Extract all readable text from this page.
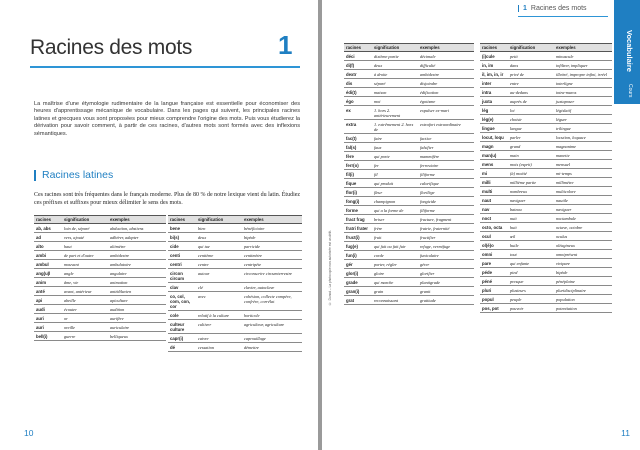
Racines des mots	1
La maîtrise d'une étymologie rudimentaire de la langue française est essentielle pour économiser des heures d'apprentissage mécanique de vocabulaire. Dans les pages qui suivent, les principales racines latines et grecques vous sont proposées pour mieux comprendre l'origine des mots. Puis vous étudierez la dérivation pour savoir comment, à partir de ces racines, d'autres mots sont formés avec des inflexions sémantiques.
Racines latines
Ces racines sont très fréquentes dans le français moderne. Plus de 80 % de notre lexique vient du latin. Étudiez ces préfixes et suffixes pour mieux délimiter le sens des mots.
racines	signification	exemples
ab, abs	loin de, séparé	abduction, abstiens
ad	vers, ajouté	adhérer, adapter
alto	haut	altimètre
ambi	de part et d'autre	ambidextre
ambul	mouvant	ambulatoire
ang(u)l	angle	angulaire
anim	âme, vie	animation
anté	avant, antérieur	antédiluvien
api	abeille	apiculture
audi	écouter	audition
auri	or	aurifère
auri	oreille	auriculaire
bell(i)	guerre	belliqueux
racines	signification	exemples
bene	bien	bénéficiaire
bi(s)	deux	bipède
cide	qui tue	parricide
centi	centième	centimètre
centri	centre	centripète
circon circum	autour	circonscrire circumterrestre
clav	clé	clavier, autoclave
co, col, com, con, cor	avec	cohésion, collecte compère, confrère, corrélat
cole	relatif à la culture	horticole
culteur culture	cultiver	agriculteur, agriculture
capr(i)	caivre	caprouillage
dé	cessation	démettre
10
1 Racines des mots
© Dunod – La photocopie non autorisée est un délit.
racines	signification	exemples
déci	dixième partie	décimale
di(f)	deux	difficulté
dextr	à droite	ambidextre
dis	séparé	disjoindre
édi(t)	maison	édification
égo	moi	égotisme
ex	1. hors 2. antérieurement	expulser ex-mari
extra	1. extrêmement 2. hors de	extrafort extraordinaire
fac(t)	faire	factice
fal(s)	faux	falsifier
fère	qui porte	mammifère
ferr(o)	fer	ferroviaire
fil(i)	fil	filiforme
fique	qui produit	calorifique
flor(i)	fleur	florilège
fong(i)	champignon	fongicide
forme	qui a la forme de	filiforme
fract frag	briser	fracture, fragment
fratri frater	frère	fratrie, fraternité
fruct(i)	fruit	fructifier
fug(e)	qui fuit ou fait fuir	refuge, vermifuge
fun(i)	corde	funiculaire
gér	porter, régler	gérer
glor(i)	gloire	glorifier
grade	qui marche	plantigrade
gran(i)	grain	granit
grat	reconnaissant	gratitude
racines	signification	exemples
(i)cule	petit	minuscule
in, im	dans	infiltrer, impliquer
il, im, in, ir	privé de	illettré, impropre infini, irréel
inter	entre	interligne
intra	au-dedans	intra-muros
juxta	auprès de	juxtaposer
lég	loi	législatif
lég(e)	choisir	léguer
lingue	langue	trilingue
locut, loqu	parler	locution, loquace
magn	grand	magnanime
man(u)	main	manette
mens	mois (esprit)	mensuel
mi	(à) moitié	mi-temps
milli	millième partie	millimètre
multi	nombreux	multicolore
naut	naviguer	nautile
nav	bateau	naviguer
noct	nuit	noctambule
octo, octa	huit	octave, octobre
ocul	œil	oculus
ol(é)o	huile	oléagineux
omni	tout	omniprésent
pare	qui enfante	vivipare
péde	pied	bipède
péné	presque	pénéplaine
pluri	plusieurs	pluridisciplinaire
popul	peuple	population
pos, pot	pouvoir	potentiation
Vocabulaire
Cours
11
